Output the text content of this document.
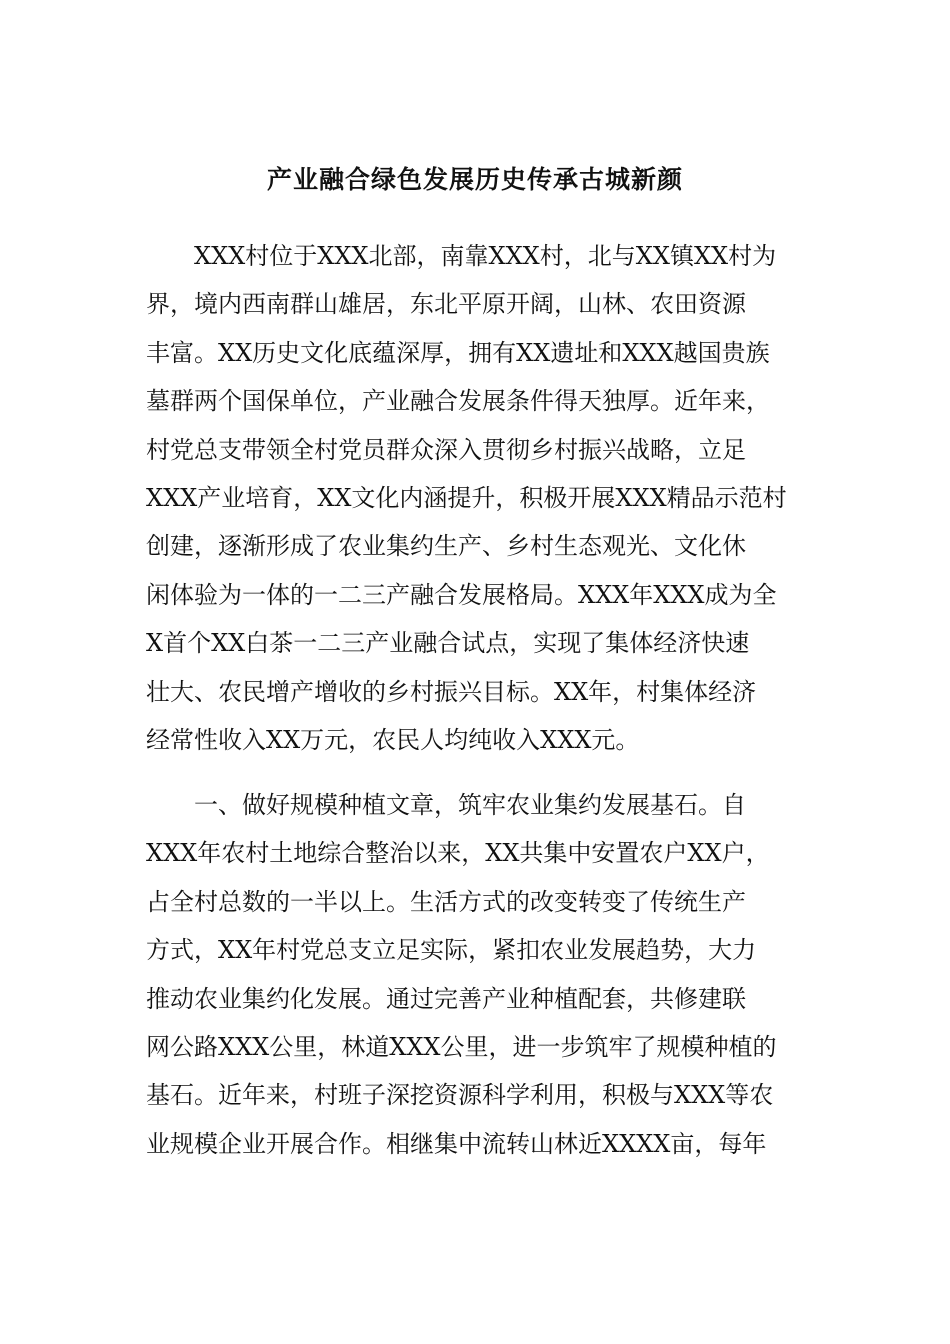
产业融合绿色发展历史传承古城新颜
XXX村位于XXX北部，南靠XXX村，北与XX镇XX村为
界，境内西南群山雄居，东北平原开阔，山林、农田资源
丰富。XX历史文化底蕴深厚，拥有XX遗址和XXX越国贵族
墓群两个国保单位，产业融合发展条件得天独厚。近年来，
村党总支带领全村党员群众深入贯彻乡村振兴战略，立足
XXX产业培育，XX文化内涵提升，积极开展XXX精品示范村
创建，逐渐形成了农业集约生产、乡村生态观光、文化休
闲体验为一体的一二三产融合发展格局。XXX年XXX成为全
X首个XX白茶一二三产业融合试点，实现了集体经济快速
壮大、农民增产增收的乡村振兴目标。XX年，村集体经济
经常性收入XX万元，农民人均纯收入XXX元。
一、做好规模种植文章，筑牢农业集约发展基石。自
XXX年农村土地综合整治以来，XX共集中安置农户XX户，
占全村总数的一半以上。生活方式的改变转变了传统生产
方式，XX年村党总支立足实际，紧扣农业发展趋势，大力
推动农业集约化发展。通过完善产业种植配套，共修建联
网公路XXX公里，林道XXX公里，进一步筑牢了规模种植的
基石。近年来，村班子深挖资源科学利用，积极与XXX等农
业规模企业开展合作。相继集中流转山林近XXXX亩，每年
